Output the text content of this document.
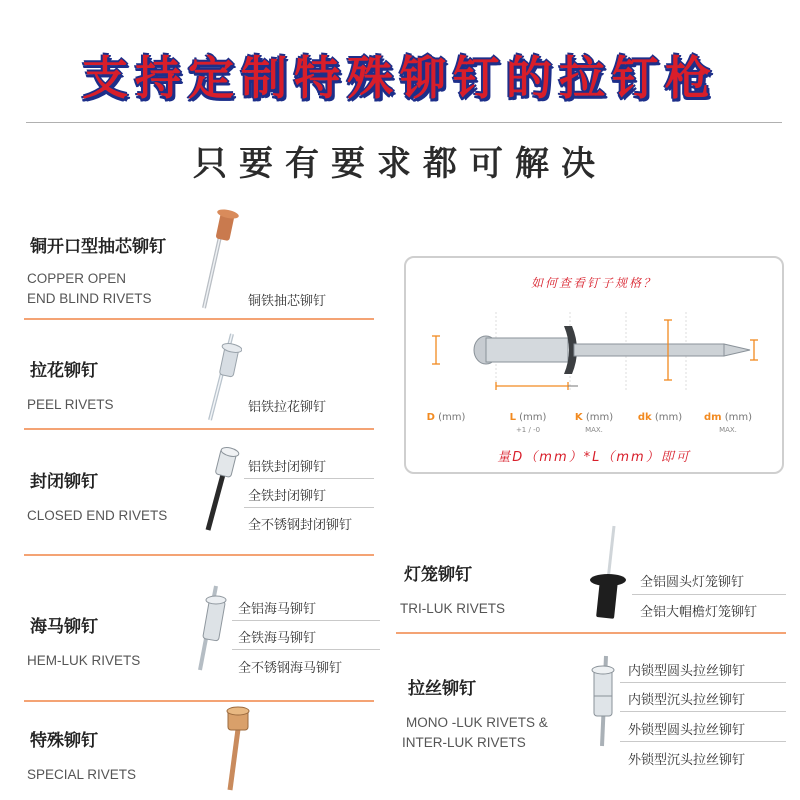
支持定制特殊铆钉的拉钉枪
只要有要求都可解决
铜开口型抽芯铆钉
COPPER OPEN
END BLIND RIVETS	铜铁抽芯铆钉
拉花铆钉
PEEL RIVETS	铝铁拉花铆钉
封闭铆钉
CLOSED END RIVETS
铝铁封闭铆钉
全铁封闭铆钉
全不锈钢封闭铆钉
海马铆钉
HEM-LUK RIVETS
全铝海马铆钉
全铁海马铆钉
全不锈钢海马铆钉
特殊铆钉
SPECIAL RIVETS
如何查看钉子规格？
D (mm)	L (mm)
+1 / -0
K (mm)
MAX.
dk (mm)	dm (mm)
MAX.
量D（mm）*L（mm）即可
灯笼铆钉
TRI-LUK RIVETS
全铝圆头灯笼铆钉
全铝大帽檐灯笼铆钉
拉丝铆钉
MONO -LUK RIVETS &
INTER-LUK RIVETS
内锁型圆头拉丝铆钉
内锁型沉头拉丝铆钉
外锁型圆头拉丝铆钉
外锁型沉头拉丝铆钉
